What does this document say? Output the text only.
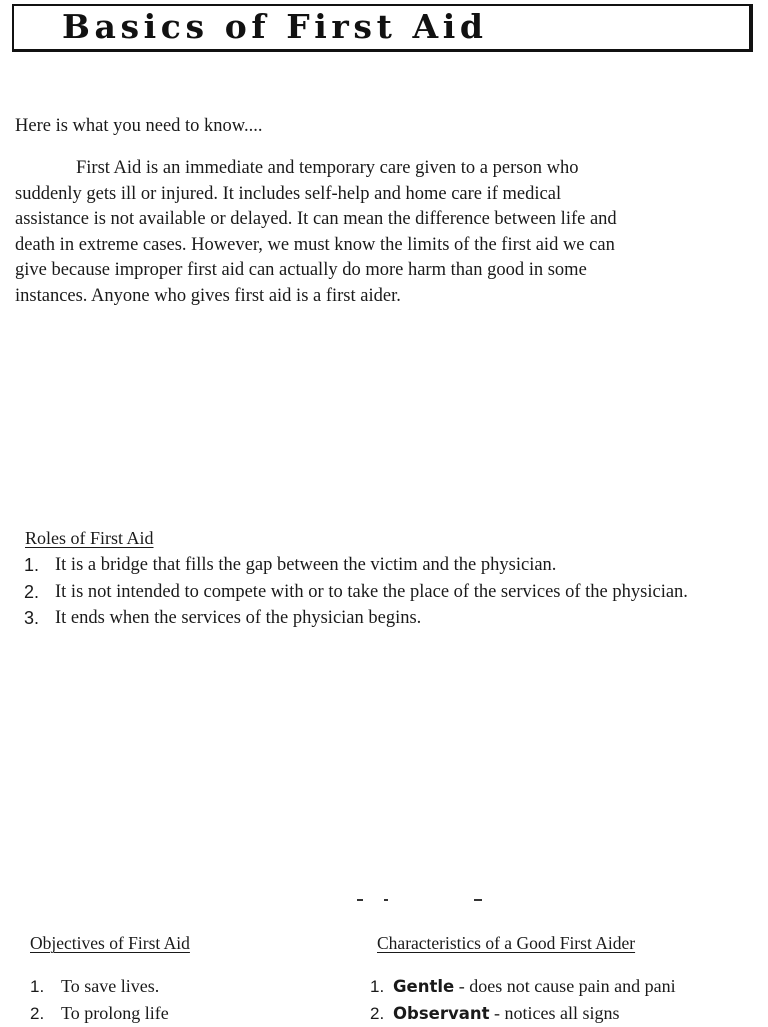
Basics of First Aid

Here is what you need to know....

First Aid is an immediate and temporary care given to a person who
suddenly gets ill or injured. It includes self-help and home care if medical
assistance is not available or delayed. It can mean the difference between life and
death in extreme cases. However, we must know the limits of the first aid we can
give because improper first aid can actually do more harm than good in some
instances. Anyone who gives first aid is a first aider.

Roles of First Aid

1. It is a bridge that fills the gap between the victim and the physician.
2. It is not intended to compete with or to take the place of the services of the physician.
3. It ends when the services of the physician begins.

Objectives of First Aid	Characteristics of a Good First Aider

1. To save lives.
2. To prolong life
1. Gentle - does not cause pain and pani
2. Observant - notices all signs
